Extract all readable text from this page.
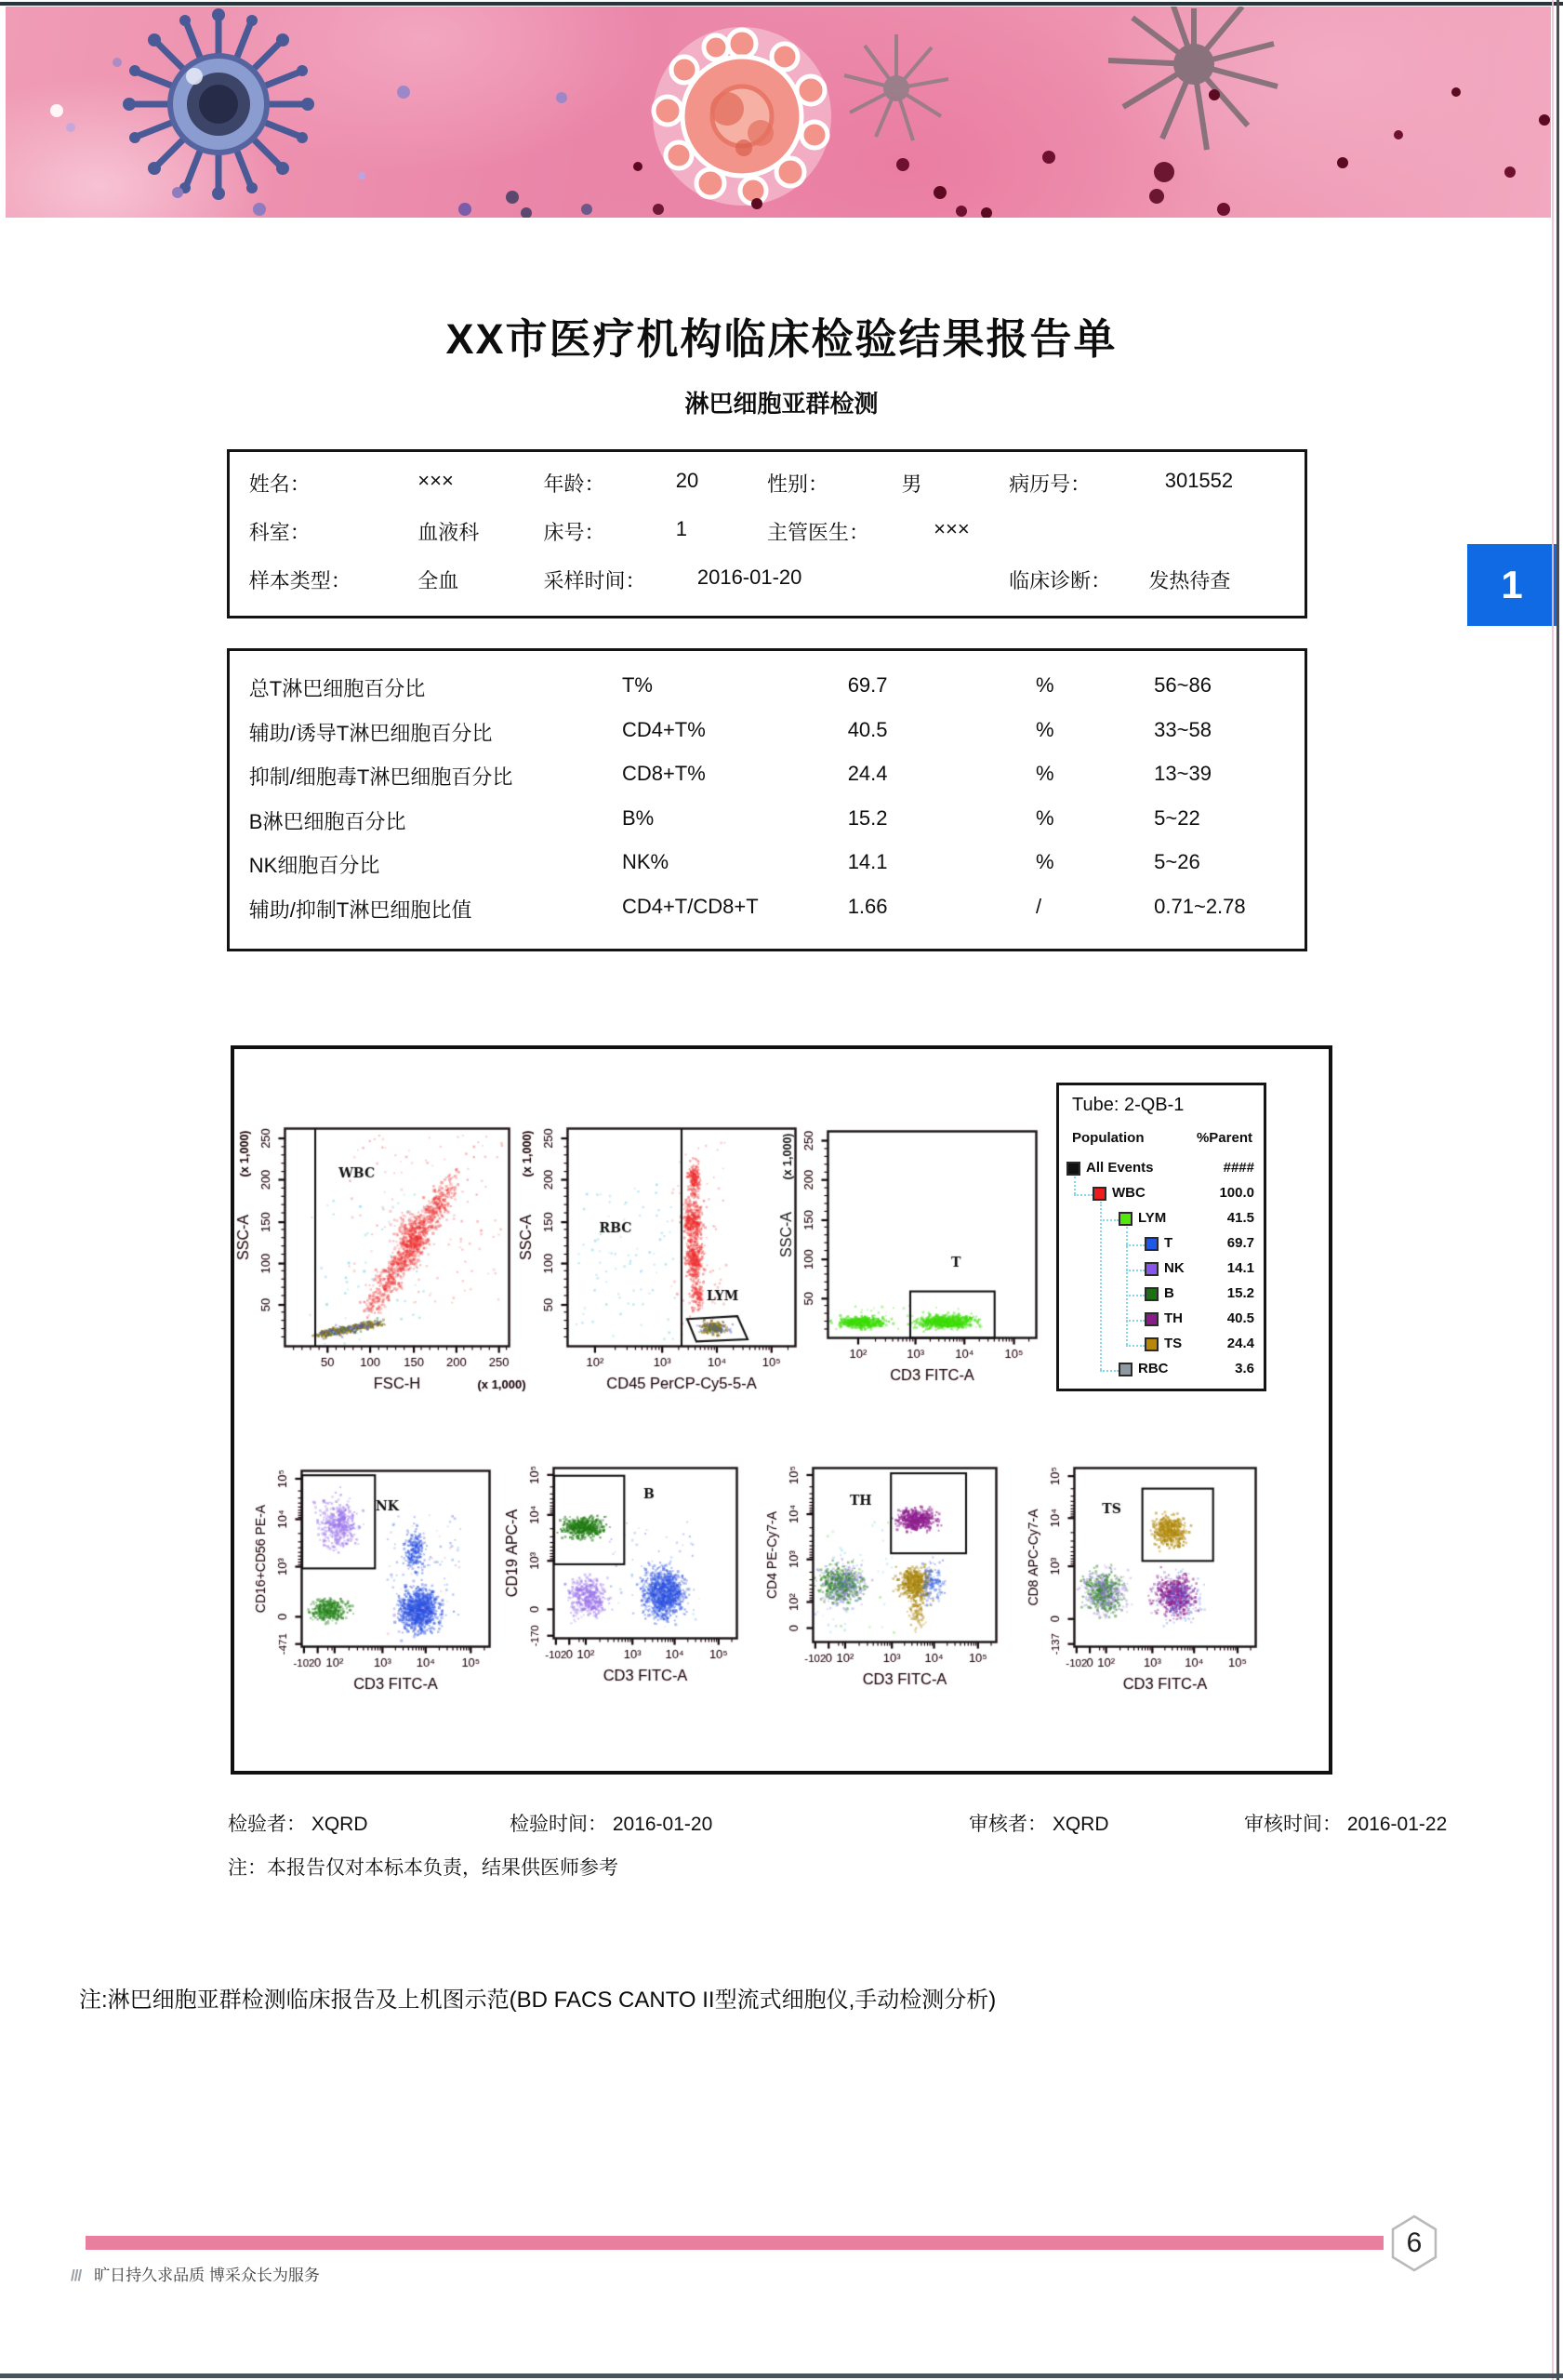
XX市医疗机构临床检验结果报告单
淋巴细胞亚群检测
姓名：	×××	年龄：	20	性别：	男	病历号：	301552
科室：	血液科	床号：	1	主管医生：	×××
样本类型：	全血	采样时间：	2016-01-20	临床诊断： 发热待查
总T淋巴细胞百分比	T%	69.7	%	56~86
辅助/诱导T淋巴细胞百分比	CD4+T%	40.5	%	33~58
抑制/细胞毒T淋巴细胞百分比	CD8+T%	24.4	%	13~39
B淋巴细胞百分比	B%	15.2	%	5~22
NK细胞百分比	NK%	14.1	%	5~26
辅助/抑制T淋巴细胞比值	CD4+T/CD8+T	1.66	/	0.71~2.78
Tube: 2-QB-1
Population	%Parent
All Events	####
WBC	100.0
LYM	41.5
T	69.7
NK	14.1
B	15.2
TH	40.5
TS	24.4
RBC	3.6
检验者： XQRD	检验时间： 2016-01-20	审核者： XQRD	审核时间： 2016-01-22
注：本报告仅对本标本负责，结果供医师参考
注:淋巴细胞亚群检测临床报告及上机图示范(BD FACS CANTO II型流式细胞仪,手动检测分析)
6
/// 旷日持久求品质 博采众长为服务
1
